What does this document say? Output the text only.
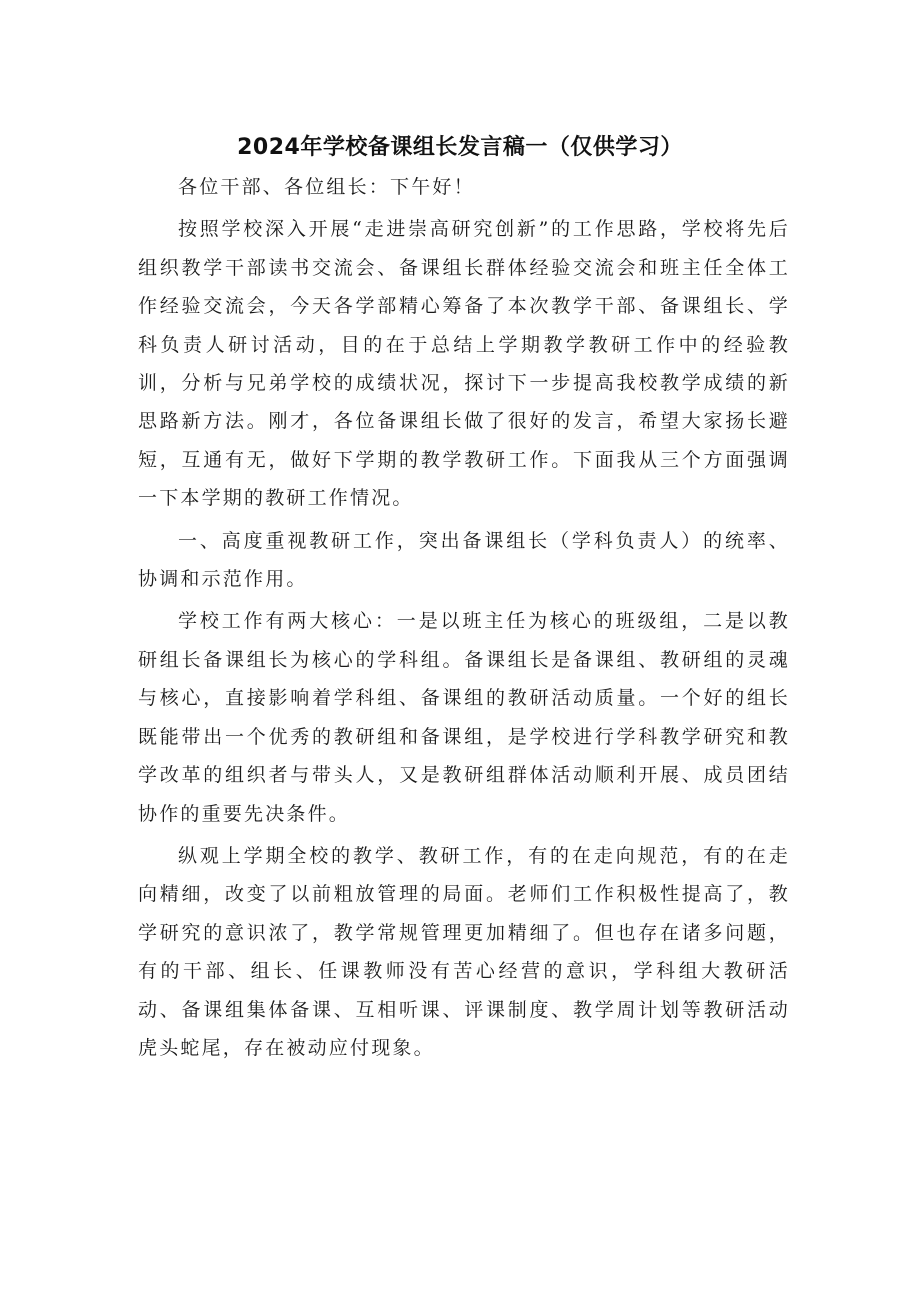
2024年学校备课组长发言稿一（仅供学习）

各位干部、各位组长：下午好！

按照学校深入开展“走进崇高研究创新”的工作思路，学校将先后组织教学干部读书交流会、备课组长群体经验交流会和班主任全体工作经验交流会，今天各学部精心筹备了本次教学干部、备课组长、学科负责人研讨活动，目的在于总结上学期教学教研工作中的经验教训，分析与兄弟学校的成绩状况，探讨下一步提高我校教学成绩的新思路新方法。刚才，各位备课组长做了很好的发言，希望大家扬长避短，互通有无，做好下学期的教学教研工作。下面我从三个方面强调一下本学期的教研工作情况。

一、高度重视教研工作，突出备课组长（学科负责人）的统率、协调和示范作用。

学校工作有两大核心：一是以班主任为核心的班级组，二是以教研组长备课组长为核心的学科组。备课组长是备课组、教研组的灵魂与核心，直接影响着学科组、备课组的教研活动质量。一个好的组长既能带出一个优秀的教研组和备课组，是学校进行学科教学研究和教学改革的组织者与带头人，又是教研组群体活动顺利开展、成员团结协作的重要先决条件。

纵观上学期全校的教学、教研工作，有的在走向规范，有的在走向精细，改变了以前粗放管理的局面。老师们工作积极性提高了，教学研究的意识浓了，教学常规管理更加精细了。但也存在诸多问题，有的干部、组长、任课教师没有苦心经营的意识，学科组大教研活动、备课组集体备课、互相听课、评课制度、教学周计划等教研活动虎头蛇尾，存在被动应付现象。
